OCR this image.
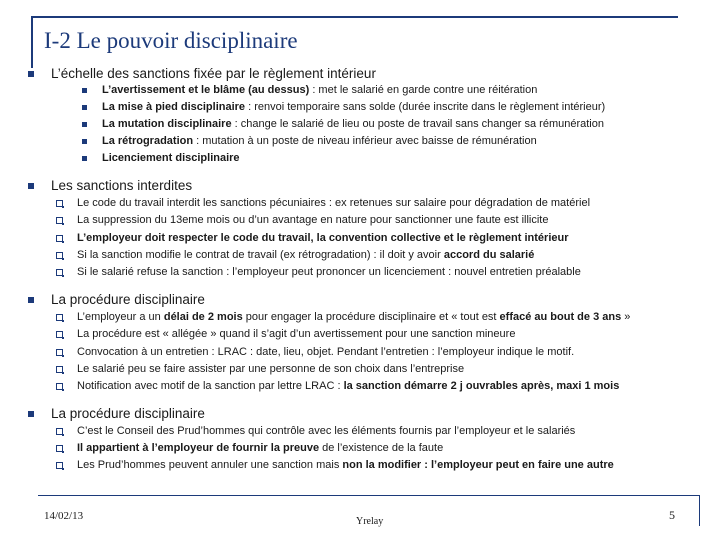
I-2 Le pouvoir disciplinaire
L’échelle des sanctions fixée par le règlement intérieur
L’avertissement et le blâme (au dessus) : met le salarié en garde contre une réitération
La mise à pied disciplinaire : renvoi temporaire sans solde (durée inscrite dans le règlement intérieur)
La mutation disciplinaire : change le salarié de lieu ou poste de travail sans changer sa rémunération
La rétrogradation : mutation à un poste de niveau inférieur avec baisse de rémunération
Licenciement disciplinaire
Les sanctions interdites
Le code du travail interdit les sanctions pécuniaires : ex retenues sur salaire pour dégradation de matériel
La suppression du 13eme mois ou d’un avantage en nature pour sanctionner une faute est illicite
L’employeur doit respecter le code du travail, la convention collective et le règlement intérieur
Si la sanction modifie le contrat de travail (ex rétrogradation) : il doit y avoir accord du salarié
Si le salarié refuse la sanction : l’employeur peut prononcer un licenciement : nouvel entretien préalable
La procédure disciplinaire
L’employeur a un délai de 2 mois pour engager la procédure disciplinaire et « tout est effacé au bout de 3 ans »
La procédure est « allégée » quand il s’agit d’un avertissement pour une sanction mineure
Convocation à un entretien : LRAC : date, lieu, objet. Pendant l’entretien : l’employeur indique le motif.
Le salarié peu se faire assister par une personne de son choix dans l’entreprise
Notification avec motif de la sanction par lettre LRAC : la sanction démarre 2 j ouvrables après, maxi 1 mois
La procédure disciplinaire
C’est le Conseil des Prud’hommes qui contrôle avec les éléments fournis par l’employeur et le salariés
Il appartient à l’employeur de fournir la preuve de l’existence de la faute
Les Prud’hommes peuvent annuler une sanction mais non la modifier : l’employeur peut en faire une autre
14/02/13	Yrelay	5
